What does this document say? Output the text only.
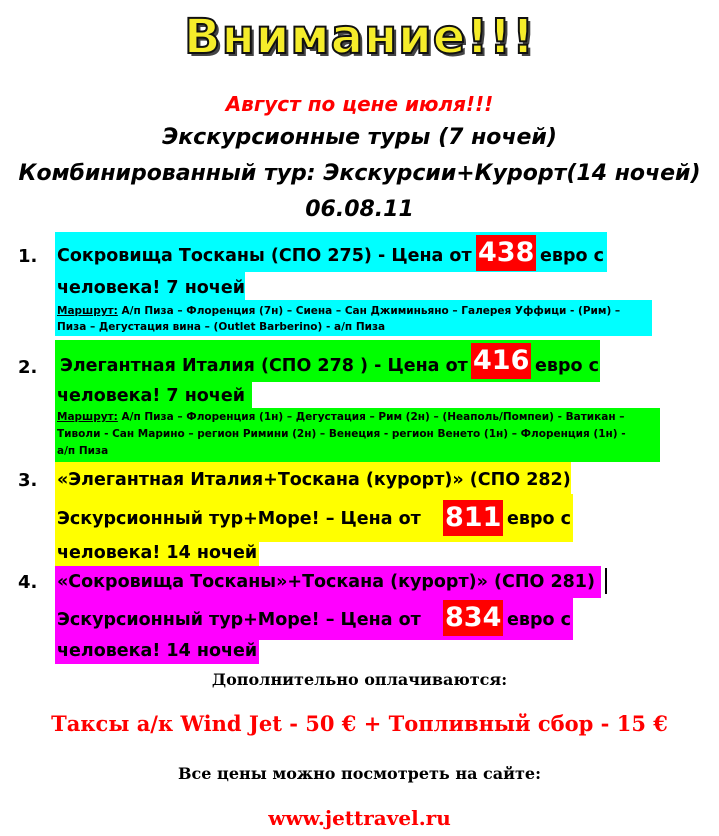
Внимание!!!
Август по цене июля!!!
Экскурсионные туры (7 ночей)
Комбинированный тур: Экскурсии+Курорт(14 ночей)
06.08.11
1. Сокровища Тосканы (СПО 275) - Цена от 438 евро с
человека! 7 ночей
Маршрут: А/п Пиза – Флоренция (7н) – Сиена – Сан Джиминьяно – Галерея Уффици - (Рим) –
Пиза – Дегустация вина – (Outlet Barberino) - а/п Пиза
2. Элегантная Италия (СПО 278 ) - Цена от 416 евро с
человека! 7 ночей
Маршрут: А/п Пиза – Флоренция (1н) – Дегустация – Рим (2н) – (Неаполь/Помпеи) - Ватикан –
Тиволи - Сан Марино – регион Римини (2н) – Венеция - регион Венето (1н) – Флоренция (1н) -
а/п Пиза
3. «Элегантная Италия+Тоскана (курорт)» (СПО 282)
Эскурсионный тур+Море! – Цена от 811 евро с
человека! 14 ночей
4. «Сокровища Тосканы»+Тоскана (курорт)» (СПО 281)
Эскурсионный тур+Море! – Цена от 834 евро с
человека! 14 ночей
Дополнительно оплачиваются:
Таксы а/к Wind Jet - 50 € + Топливный сбор - 15 €
Все цены можно посмотреть на сайте:
www.jettravel.ru
